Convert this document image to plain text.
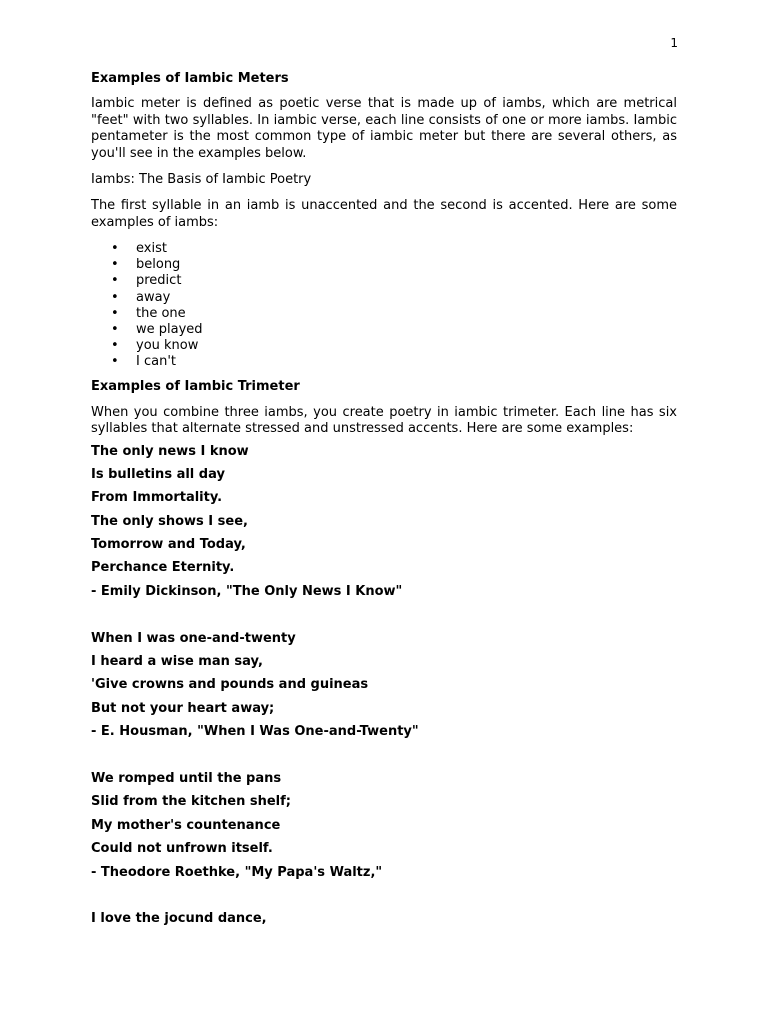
1
Examples of Iambic Meters

Iambic meter is defined as poetic verse that is made up of iambs, which are metrical "feet" with two syllables. In iambic verse, each line consists of one or more iambs. Iambic pentameter is the most common type of iambic meter but there are several others, as you'll see in the examples below.

Iambs: The Basis of Iambic Poetry

The first syllable in an iamb is unaccented and the second is accented. Here are some examples of iambs:

• exist
• belong
• predict
• away
• the one
• we played
• you know
• I can't
Examples of Iambic Trimeter

When you combine three iambs, you create poetry in iambic trimeter. Each line has six syllables that alternate stressed and unstressed accents. Here are some examples:

The only news I know

Is bulletins all day

From Immortality.

The only shows I see,

Tomorrow and Today,

Perchance Eternity.

- Emily Dickinson, "The Only News I Know"

When I was one-and-twenty

I heard a wise man say,

'Give crowns and pounds and guineas

But not your heart away;

- E. Housman, "When I Was One-and-Twenty"

We romped until the pans

Slid from the kitchen shelf;

My mother's countenance

Could not unfrown itself.

- Theodore Roethke, "My Papa's Waltz,"

I love the jocund dance,
